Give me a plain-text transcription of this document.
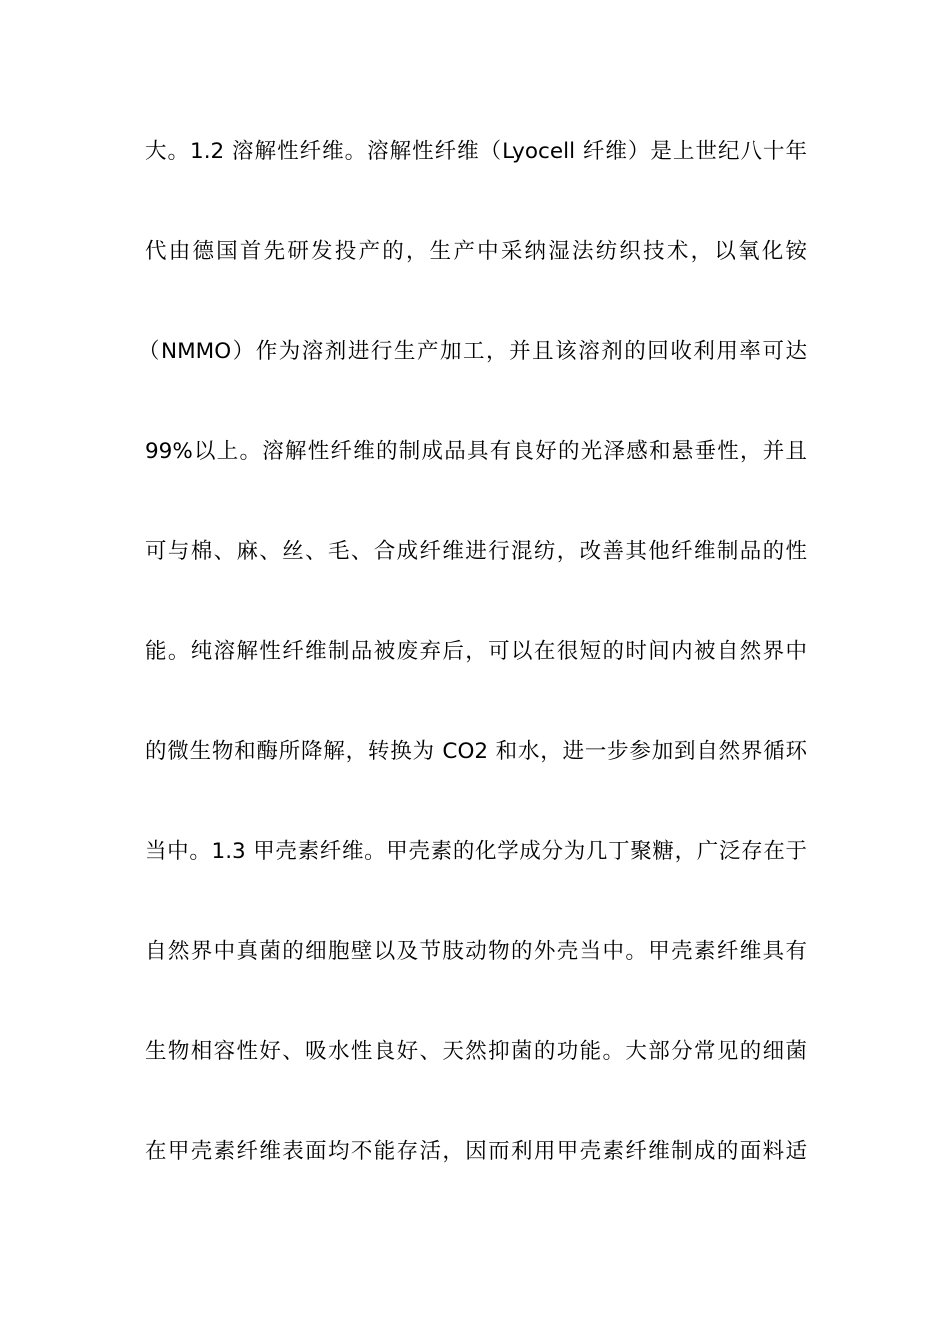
大。1.2 溶解性纤维。溶解性纤维（Lyocell 纤维）是上世纪八十年
代由德国首先研发投产的，生产中采纳湿法纺织技术，以氧化铵
（NMMO）作为溶剂进行生产加工，并且该溶剂的回收利用率可达
99%以上。溶解性纤维的制成品具有良好的光泽感和悬垂性，并且
可与棉、麻、丝、毛、合成纤维进行混纺，改善其他纤维制品的性
能。纯溶解性纤维制品被废弃后，可以在很短的时间内被自然界中
的微生物和酶所降解，转换为 CO2 和水，进一步参加到自然界循环
当中。1.3 甲壳素纤维。甲壳素的化学成分为几丁聚糖，广泛存在于
自然界中真菌的细胞壁以及节肢动物的外壳当中。甲壳素纤维具有
生物相容性好、吸水性良好、天然抑菌的功能。大部分常见的细菌
在甲壳素纤维表面均不能存活，因而利用甲壳素纤维制成的面料适
